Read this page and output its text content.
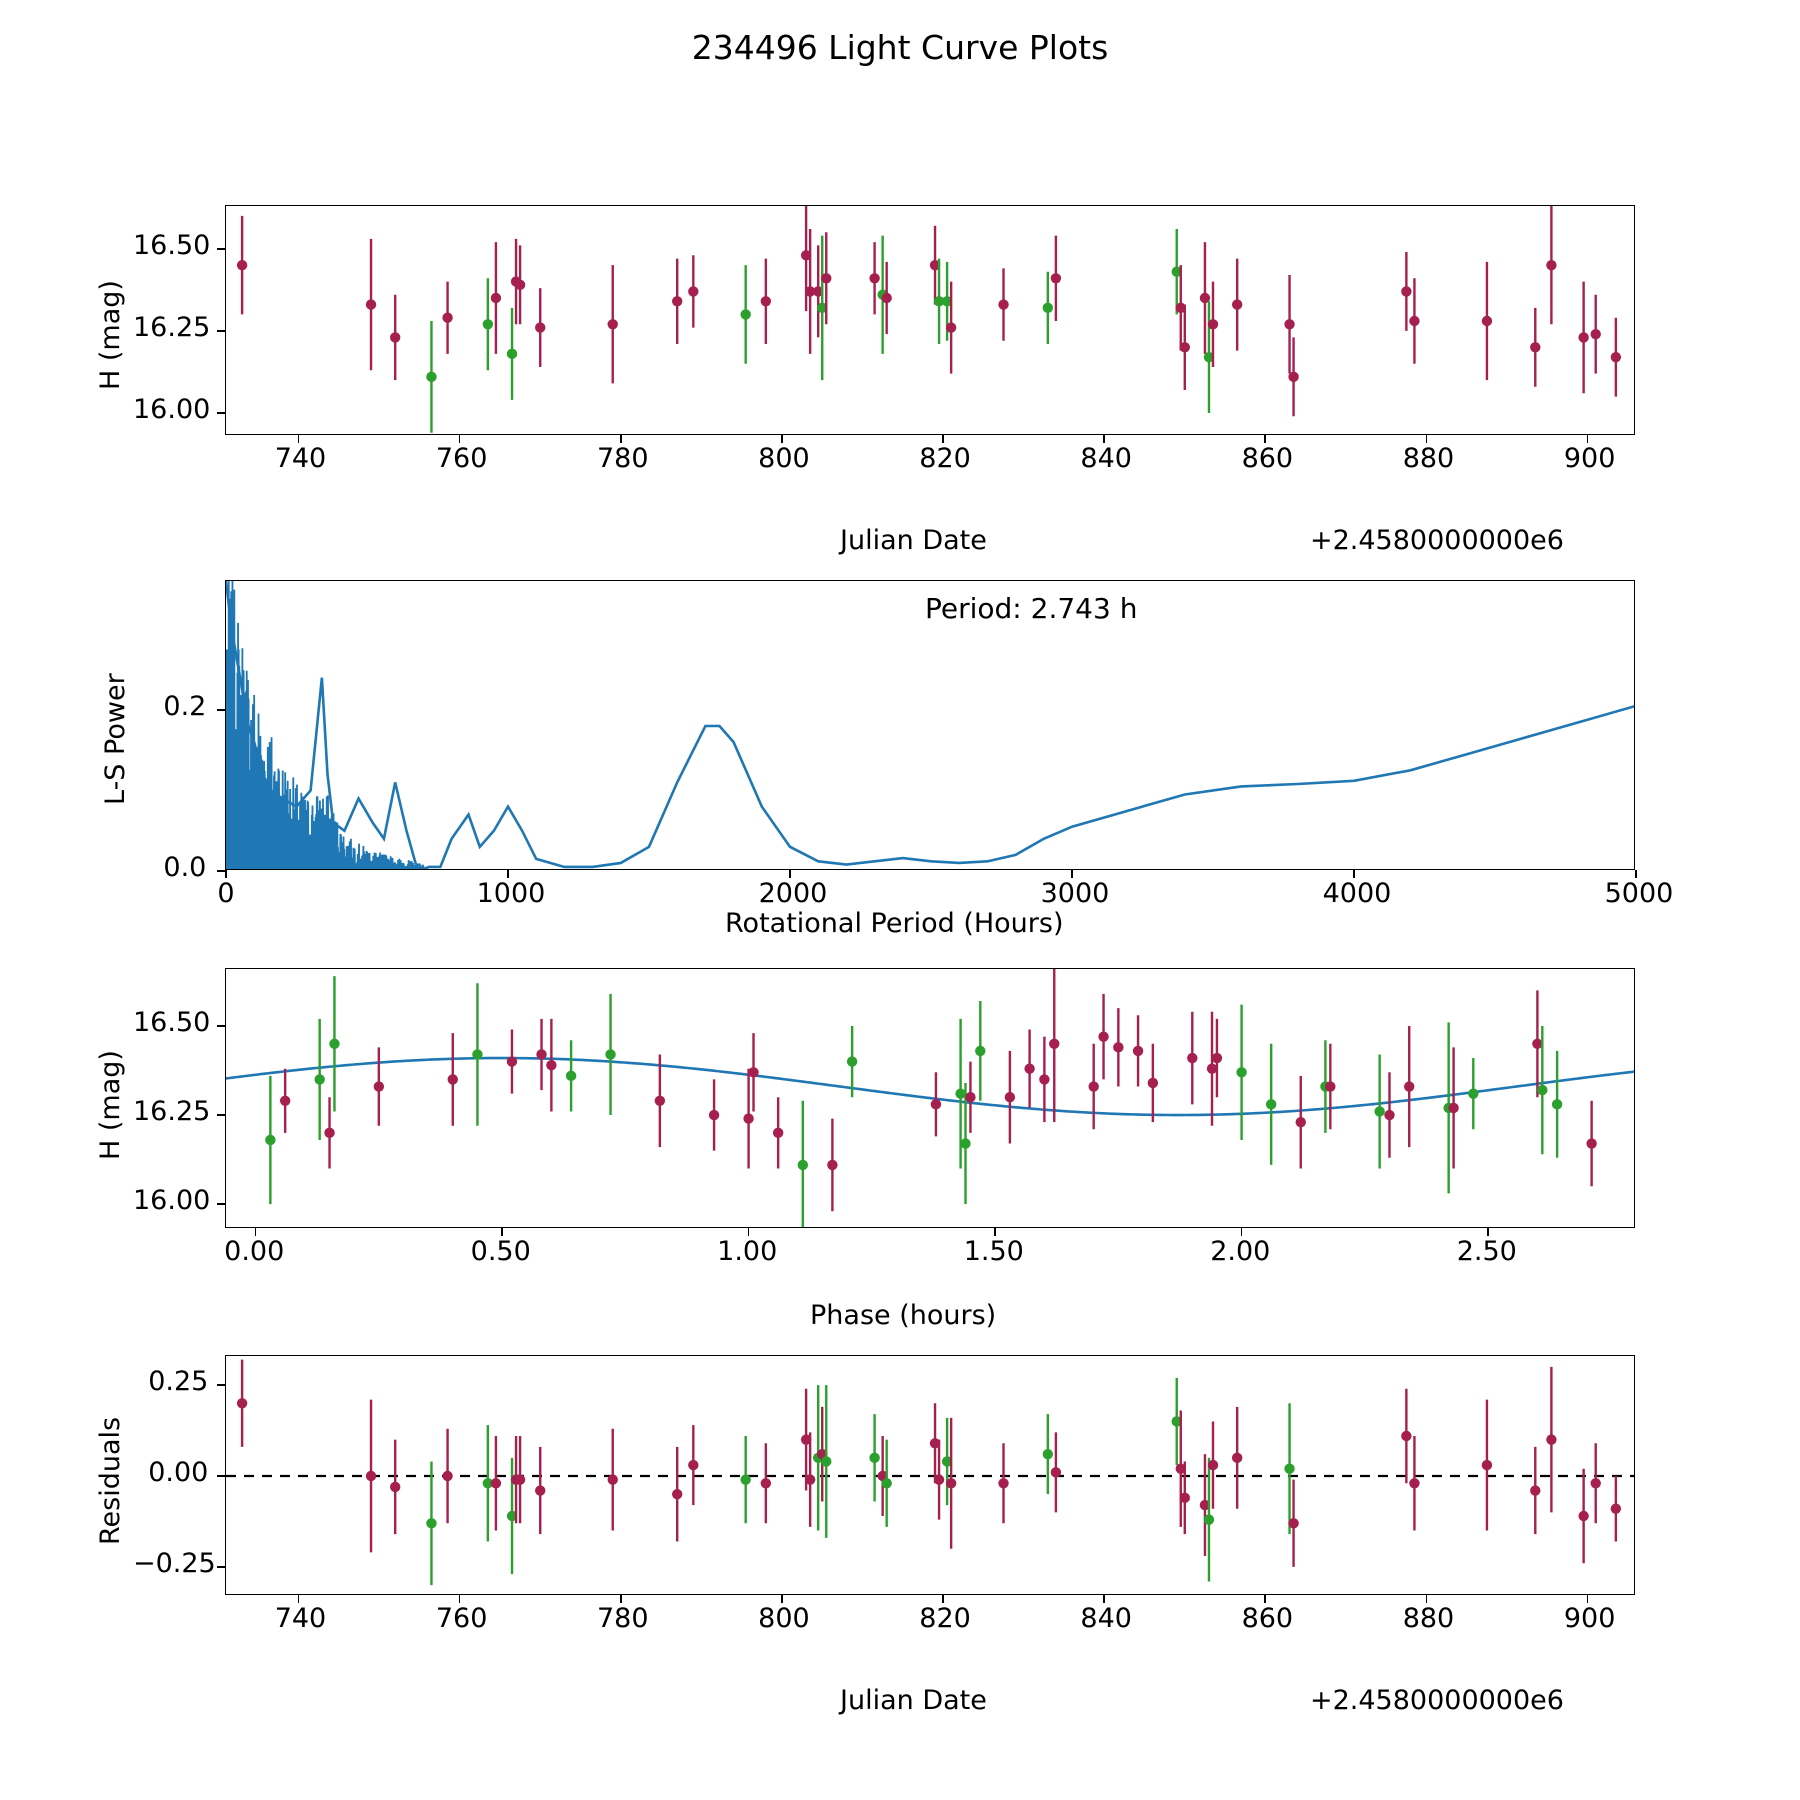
234496 Light Curve Plots
740	760	780	800	820	840	860	880	900
16.00
16.25
16.50
Julian Date	+2.4580000000e6
H (mag)
0	1000	2000	3000	4000	5000
0.0
0.2
Period: 2.743 h
Rotational Period (Hours)
L-S Power
0.00	0.50	1.00	1.50	2.00	2.50
16.00
16.25
16.50
Phase (hours)
H (mag)
740	760	780	800	820	840	860	880	900
−0.25
0.00
0.25
Julian Date	+2.4580000000e6
Residuals
